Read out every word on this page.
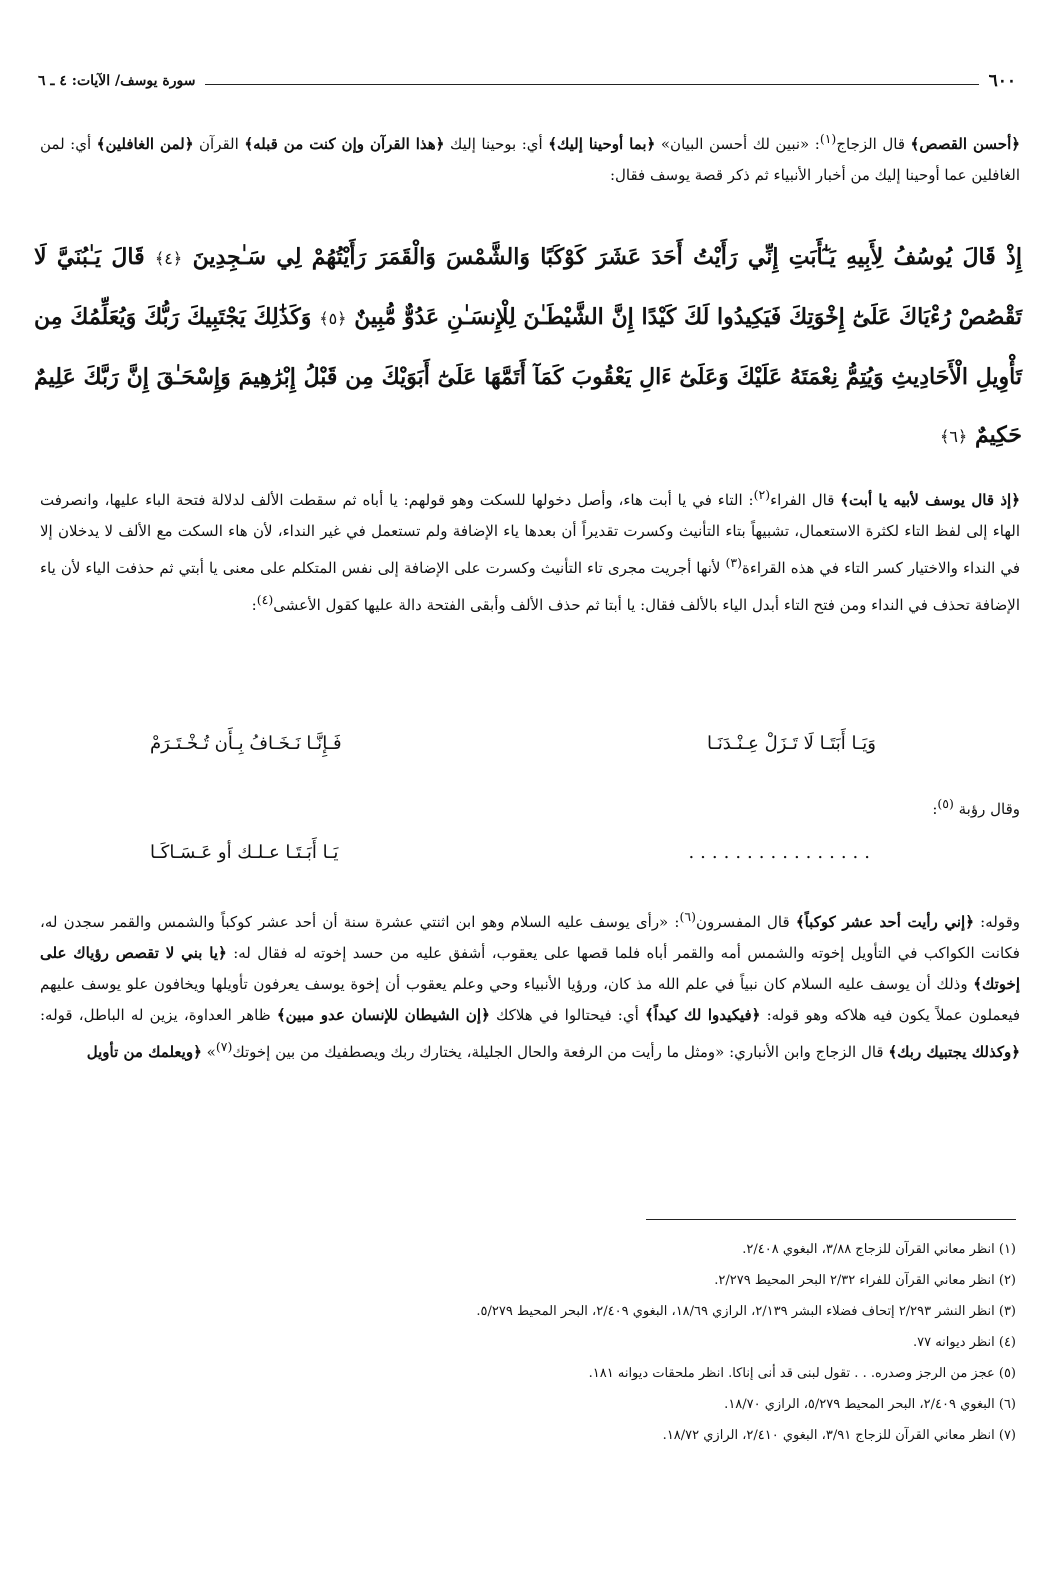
٦٠٠
سورة يوسف/ الآيات: ٤ ـ ٦

﴿أحسن القصص﴾ قال الزجاج$^{(١)}$: «نبين لك أحسن البيان» ﴿بما أوحينا إليك﴾ أي: بوحينا إليك ﴿هذا القرآن وإن كنت من قبله﴾ القرآن ﴿لمن الغافلين﴾ أي: لمن الغافلين عما أوحينا إليك من أخبار الأنبياء ثم ذكر قصة يوسف فقال:

إِذْ قَالَ يُوسُفُ لِأَبِيهِ يَـٰٓأَبَتِ إِنِّي رَأَيْتُ أَحَدَ عَشَرَ كَوْكَبًا وَالشَّمْسَ وَالْقَمَرَ رَأَيْتُهُمْ لِي سَـٰجِدِينَ ﴿٤﴾ قَالَ يَـٰبُنَيَّ لَا تَقْصُصْ رُءْيَاكَ عَلَىٰٓ إِخْوَتِكَ فَيَكِيدُوا لَكَ كَيْدًا إِنَّ الشَّيْطَـٰنَ لِلْإِنسَـٰنِ عَدُوٌّ مُّبِينٌ ﴿٥﴾ وَكَذَٰلِكَ يَجْتَبِيكَ رَبُّكَ وَيُعَلِّمُكَ مِن تَأْوِيلِ الْأَحَادِيثِ وَيُتِمُّ نِعْمَتَهُ عَلَيْكَ وَعَلَىٰٓ ءَالِ يَعْقُوبَ كَمَآ أَتَمَّهَا عَلَىٰٓ أَبَوَيْكَ مِن قَبْلُ إِبْرَٰهِيمَ وَإِسْحَـٰقَ إِنَّ رَبَّكَ عَلِيمٌ حَكِيمٌ ﴿٦﴾

﴿إذ قال يوسف لأبيه يا أبت﴾ قال الفراء$^{(٢)}$: التاء في يا أبت هاء، وأصل دخولها للسكت وهو قولهم: يا أباه ثم سقطت الألف لدلالة فتحة الباء عليها، وانصرفت الهاء إلى لفظ التاء لكثرة الاستعمال، تشبيهاً بتاء التأنيث وكسرت تقديراً أن بعدها ياء الإضافة ولم تستعمل في غير النداء، لأن هاء السكت مع الألف لا يدخلان إلا في النداء والاختيار كسر التاء في هذه القراءة$^{(٣)}$ لأنها أجريت مجرى تاء التأنيث وكسرت على الإضافة إلى نفس المتكلم على معنى يا أبتي ثم حذفت الياء لأن ياء الإضافة تحذف في النداء ومن فتح التاء أبدل الياء بالألف فقال: يا أبتا ثم حذف الألف وأبقى الفتحة دالة عليها كقول الأعشى$^{(٤)}$:

وَيَـا أَبَتَـا لَا تَـزَلْ عِـنْـدَنَـا
فَـإِنَّـا نَـخَـافُ بِـأَن تُـخْـتَـرَمْ

وقال رؤبة $^{(٥)}$:

................
يَـا أَبَـتَـا عـلـك أو عَـسَـاكَـا

وقوله: ﴿إني رأيت أحد عشر كوكباً﴾ قال المفسرون$^{(٦)}$: «رأى يوسف عليه السلام وهو ابن اثنتي عشرة سنة أن أحد عشر كوكباً والشمس والقمر سجدن له، فكانت الكواكب في التأويل إخوته والشمس أمه والقمر أباه فلما قصها على يعقوب، أشفق عليه من حسد إخوته له فقال له: ﴿يا بني لا تقصص رؤياك على إخوتك﴾ وذلك أن يوسف عليه السلام كان نبياً في علم الله مذ كان، ورؤيا الأنبياء وحي وعلم يعقوب أن إخوة يوسف يعرفون تأويلها ويخافون علو يوسف عليهم فيعملون عملاً يكون فيه هلاكه وهو قوله: ﴿فيكيدوا لك كيداً﴾ أي: فيحتالوا في هلاكك ﴿إن الشيطان للإنسان عدو مبين﴾ ظاهر العداوة، يزين له الباطل، قوله: ﴿وكذلك يجتبيك ربك﴾ قال الزجاج وابن الأنباري: «ومثل ما رأيت من الرفعة والحال الجليلة، يختارك ربك ويصطفيك من بين إخوتك$^{(٧)}$» ﴿ويعلمك من تأويل

(١) انظر معاني القرآن للزجاج ٣/٨٨، البغوي ٢/٤٠٨.
(٢) انظر معاني القرآن للفراء ٢/٣٢ البحر المحيط ٢/٢٧٩.
(٣) انظر النشر ٢/٢٩٣ إتحاف فضلاء البشر ٢/١٣٩، الرازي ١٨/٦٩، البغوي ٢/٤٠٩، البحر المحيط ٥/٢٧٩.
(٤) انظر ديوانه ٧٧.
(٥) عجز من الرجز وصدره. . . تقول لبنى قد أنى إناكا. انظر ملحقات ديوانه ١٨١.
(٦) البغوي ٢/٤٠٩، البحر المحيط ٥/٢٧٩، الرازي ١٨/٧٠.
(٧) انظر معاني القرآن للزجاج ٣/٩١، البغوي ٢/٤١٠، الرازي ١٨/٧٢.
